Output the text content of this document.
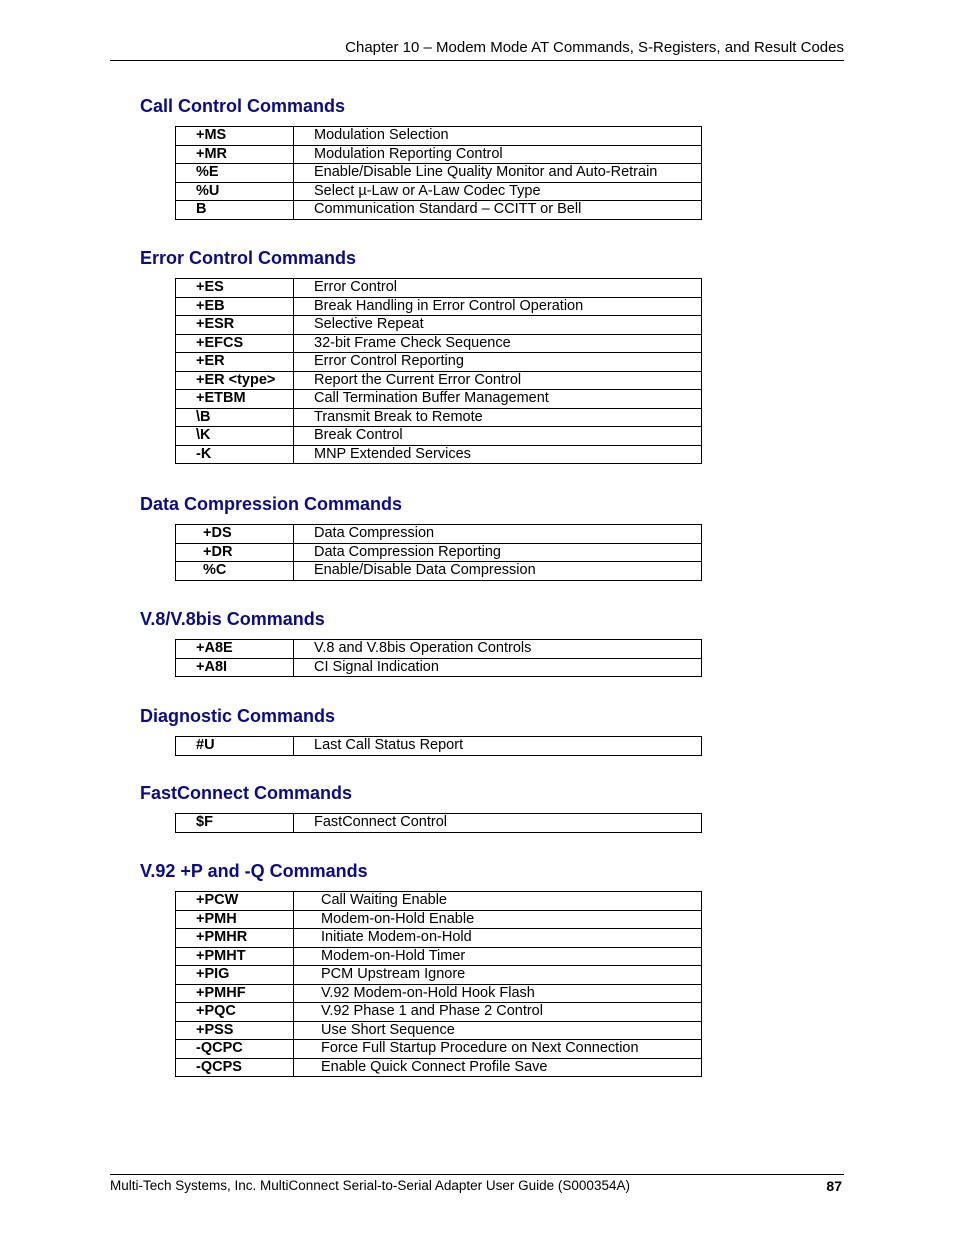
Chapter 10 – Modem Mode AT Commands, S-Registers, and Result Codes
Call Control Commands
+MS	Modulation Selection
+MR	Modulation Reporting Control
%E	Enable/Disable Line Quality Monitor and Auto-Retrain
%U	Select µ-Law or A-Law Codec Type
B	Communication Standard – CCITT or Bell
Error Control Commands
+ES	Error Control
+EB	Break Handling in Error Control Operation
+ESR	Selective Repeat
+EFCS	32-bit Frame Check Sequence
+ER	Error Control Reporting
+ER <type>	Report the Current Error Control
+ETBM	Call Termination Buffer Management
\B	Transmit Break to Remote
\K	Break Control
-K	MNP Extended Services
Data Compression Commands
+DS	Data Compression
+DR	Data Compression Reporting
%C	Enable/Disable Data Compression
V.8/V.8bis Commands
+A8E	V.8 and V.8bis Operation Controls
+A8I	CI Signal Indication
Diagnostic Commands
#U	Last Call Status Report
FastConnect Commands
$F	FastConnect Control
V.92 +P and -Q Commands
+PCW	Call Waiting Enable
+PMH	Modem-on-Hold Enable
+PMHR	Initiate Modem-on-Hold
+PMHT	Modem-on-Hold Timer
+PIG	PCM Upstream Ignore
+PMHF	V.92 Modem-on-Hold Hook Flash
+PQC	V.92 Phase 1 and Phase 2 Control
+PSS	Use Short Sequence
-QCPC	Force Full Startup Procedure on Next Connection
-QCPS	Enable Quick Connect Profile Save
Multi-Tech Systems, Inc. MultiConnect Serial-to-Serial Adapter User Guide (S000354A)	87
